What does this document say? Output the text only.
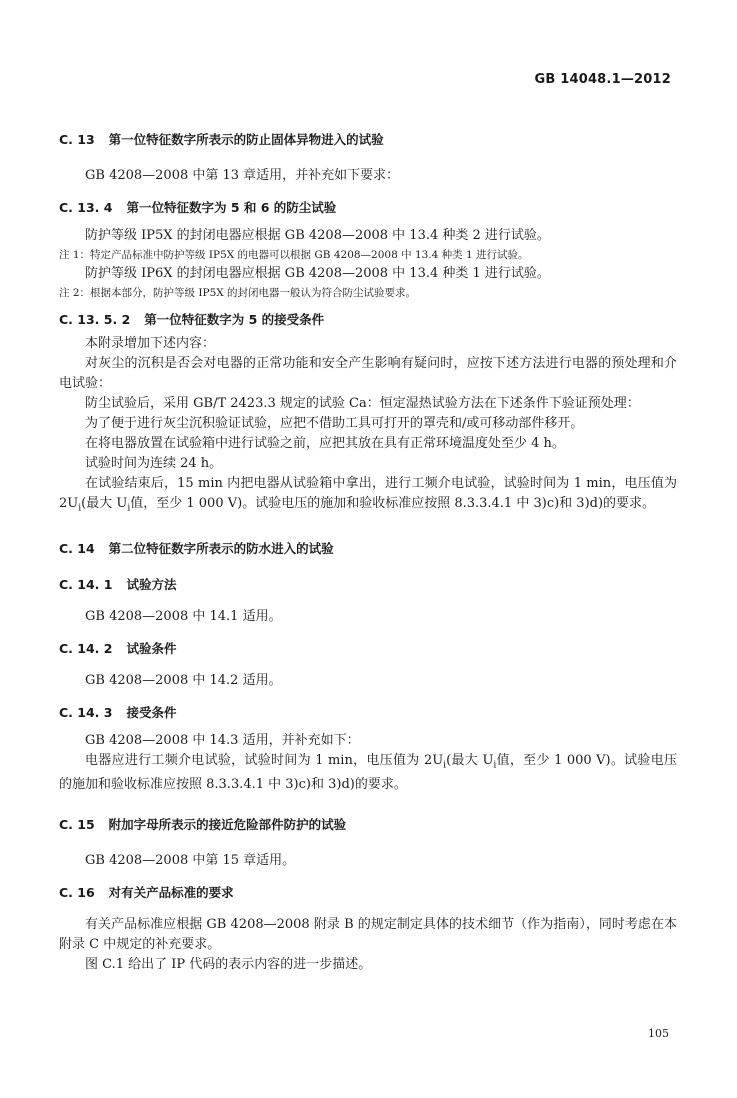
GB 14048.1—2012
C. 13 第一位特征数字所表示的防止固体异物进入的试验
GB 4208—2008 中第 13 章适用，并补充如下要求：
C. 13. 4 第一位特征数字为 5 和 6 的防尘试验
防护等级 IP5X 的封闭电器应根据 GB 4208—2008 中 13.4 种类 2 进行试验。
注 1：特定产品标准中防护等级 IP5X 的电器可以根据 GB 4208—2008 中 13.4 种类 1 进行试验。
防护等级 IP6X 的封闭电器应根据 GB 4208—2008 中 13.4 种类 1 进行试验。
注 2：根据本部分，防护等级 IP5X 的封闭电器一般认为符合防尘试验要求。
C. 13. 5. 2 第一位特征数字为 5 的接受条件
本附录增加下述内容：
对灰尘的沉积是否会对电器的正常功能和安全产生影响有疑问时，应按下述方法进行电器的预处理和介电试验：
防尘试验后，采用 GB/T 2423.3 规定的试验 Ca：恒定湿热试验方法在下述条件下验证预处理：
为了便于进行灰尘沉积验证试验，应把不借助工具可打开的罩壳和/或可移动部件移开。
在将电器放置在试验箱中进行试验之前，应把其放在具有正常环境温度处至少 4 h。
试验时间为连续 24 h。
在试验结束后，15 min 内把电器从试验箱中拿出，进行工频介电试验，试验时间为 1 min，电压值为 $2U_i$(最大 $U_i$值，至少 1 000 V)。试验电压的施加和验收标准应按照 8.3.3.4.1 中 3)c)和 3)d)的要求。
C. 14 第二位特征数字所表示的防水进入的试验
C. 14. 1 试验方法
GB 4208—2008 中 14.1 适用。
C. 14. 2 试验条件
GB 4208—2008 中 14.2 适用。
C. 14. 3 接受条件
GB 4208—2008 中 14.3 适用，并补充如下：
电器应进行工频介电试验，试验时间为 1 min，电压值为 $2U_i$(最大 $U_i$值，至少 1 000 V)。试验电压的施加和验收标准应按照 8.3.3.4.1 中 3)c)和 3)d)的要求。
C. 15 附加字母所表示的接近危险部件防护的试验
GB 4208—2008 中第 15 章适用。
C. 16 对有关产品标准的要求
有关产品标准应根据 GB 4208—2008 附录 B 的规定制定具体的技术细节（作为指南），同时考虑在本附录 C 中规定的补充要求。
图 C.1 给出了 IP 代码的表示内容的进一步描述。
105
